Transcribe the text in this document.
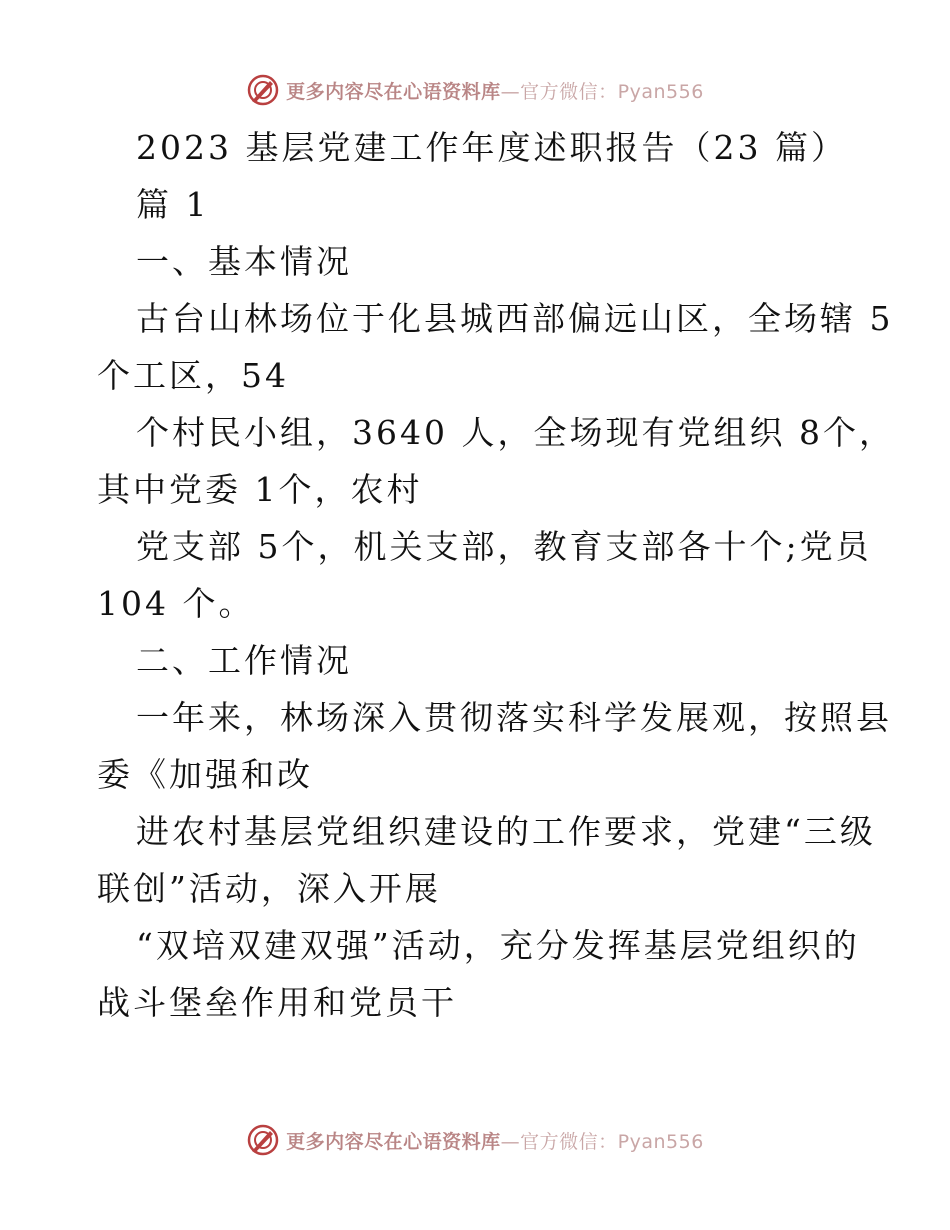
更多内容尽在心语资料库—官方微信：Pyan556
2023 基层党建工作年度述职报告（23 篇）
篇 1
一、基本情况
古台山林场位于化县城西部偏远山区，全场辖 5
个工区，54
个村民小组，3640 人，全场现有党组织 8个，
其中党委 1个，农村
党支部 5个，机关支部，教育支部各十个;党员
104 个。
二、工作情况
一年来，林场深入贯彻落实科学发展观，按照县
委《加强和改
进农村基层党组织建设的工作要求，党建“三级
联创”活动，深入开展
“双培双建双强”活动，充分发挥基层党组织的
战斗堡垒作用和党员干
更多内容尽在心语资料库—官方微信：Pyan556
